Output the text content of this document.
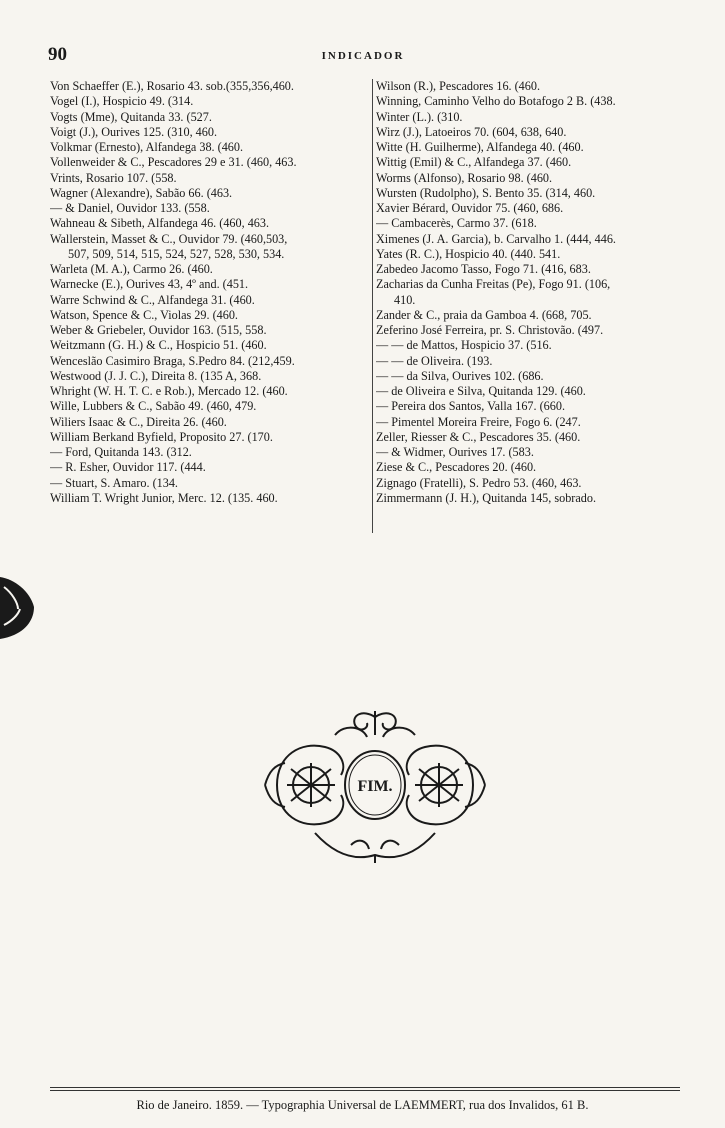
90	INDICADOR
Von Schaeffer (E.), Rosario 43. sob.(355,356,460.
Vogel (I.), Hospicio 49. (314.
Vogts (Mme), Quitanda 33. (527.
Voigt (J.), Ourives 125. (310, 460.
Volkmar (Ernesto), Alfandega 38. (460.
Vollenweider & C., Pescadores 29 e 31. (460, 463.
Vrints, Rosario 107. (558.
Wagner (Alexandre), Sabão 66. (463.
— & Daniel, Ouvidor 133. (558.
Wahneau & Sibeth, Alfandega 46. (460, 463.
Wallerstein, Masset & C., Ouvidor 79. (460,503,
507, 509, 514, 515, 524, 527, 528, 530, 534.
Warleta (M. A.), Carmo 26. (460.
Warnecke (E.), Ourives 43, 4º and. (451.
Warre Schwind & C., Alfandega 31. (460.
Watson, Spence & C., Violas 29. (460.
Weber & Griebeler, Ouvidor 163. (515, 558.
Weitzmann (G. H.) & C., Hospicio 51. (460.
Wenceslão Casimiro Braga, S.Pedro 84. (212,459.
Westwood (J. J. C.), Direita 8. (135 A, 368.
Whright (W. H. T. C. e Rob.), Mercado 12. (460.
Wille, Lubbers & C., Sabão 49. (460, 479.
Wiliers Isaac & C., Direita 26. (460.
William Berkand Byfield, Proposito 27. (170.
— Ford, Quitanda 143. (312.
— R. Esher, Ouvidor 117. (444.
— Stuart, S. Amaro. (134.
William T. Wright Junior, Merc. 12. (135. 460.
Wilson (R.), Pescadores 16. (460.
Winning, Caminho Velho do Botafogo 2 B. (438.
Winter (L.). (310.
Wirz (J.), Latoeiros 70. (604, 638, 640.
Witte (H. Guilherme), Alfandega 40. (460.
Wittig (Emil) & C., Alfandega 37. (460.
Worms (Alfonso), Rosario 98. (460.
Wursten (Rudolpho), S. Bento 35. (314, 460.
Xavier Bérard, Ouvidor 75. (460, 686.
— Cambacerès, Carmo 37. (618.
Ximenes (J. A. Garcia), b. Carvalho 1. (444, 446.
Yates (R. C.), Hospicio 40. (440. 541.
Zabedeo Jacomo Tasso, Fogo 71. (416, 683.
Zacharias da Cunha Freitas (Pe), Fogo 91. (106,
410.
Zander & C., praia da Gamboa 4. (668, 705.
Zeferino José Ferreira, pr. S. Christovão. (497.
— — de Mattos, Hospicio 37. (516.
— — de Oliveira. (193.
— — da Silva, Ourives 102. (686.
— de Oliveira e Silva, Quitanda 129. (460.
— Pereira dos Santos, Valla 167. (660.
— Pimentel Moreira Freire, Fogo 6. (247.
Zeller, Riesser & C., Pescadores 35. (460.
— & Widmer, Ourives 17. (583.
Ziese & C., Pescadores 20. (460.
Zignago (Fratelli), S. Pedro 53. (460, 463.
Zimmermann (J. H.), Quitanda 145, sobrado.
FIM.
Rio de Janeiro. 1859. — Typographia Universal de LAEMMERT, rua dos Invalidos, 61 B.
